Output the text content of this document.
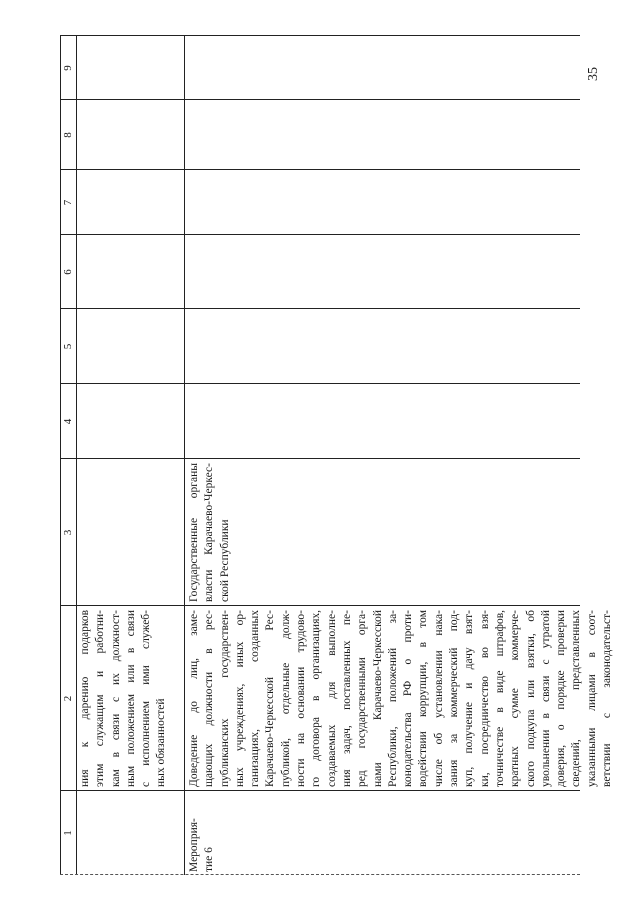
35
1
2
3
4
5
6
7
8
9
ния к дарению подарков этим служащим и работни- кам в связи с их должност- ным положением или в связи с исполнением ими служеб- ных обязанностей
Мероприя- тие 6
Доведение до лиц, заме- щающих должности в рес- публиканских государствен- ных учреждениях, иных ор- ганизациях, созданных Карачаево-Черкесской Рес- публикой, отдельные долж- ности на основании трудово- го договора в организациях, создаваемых для выполне- ния задач, поставленных пе- ред государственными орга- нами Карачаево-Черкесской Республики, положений за- конодательства РФ о проти- водействии коррупции, в том числе об установлении нака- зания за коммерческий под- куп, получение и дачу взят- ки, посредничество во взя- точничестве в виде штрафов, кратных сумме коммерче- ского подкупа или взятки, об увольнении в связи с утратой доверия, о порядке проверки сведений, представленных указанными лицами в соот- ветствии с законодательст-
Государственные органы власти Карачаево-Черкес- ской Республики
